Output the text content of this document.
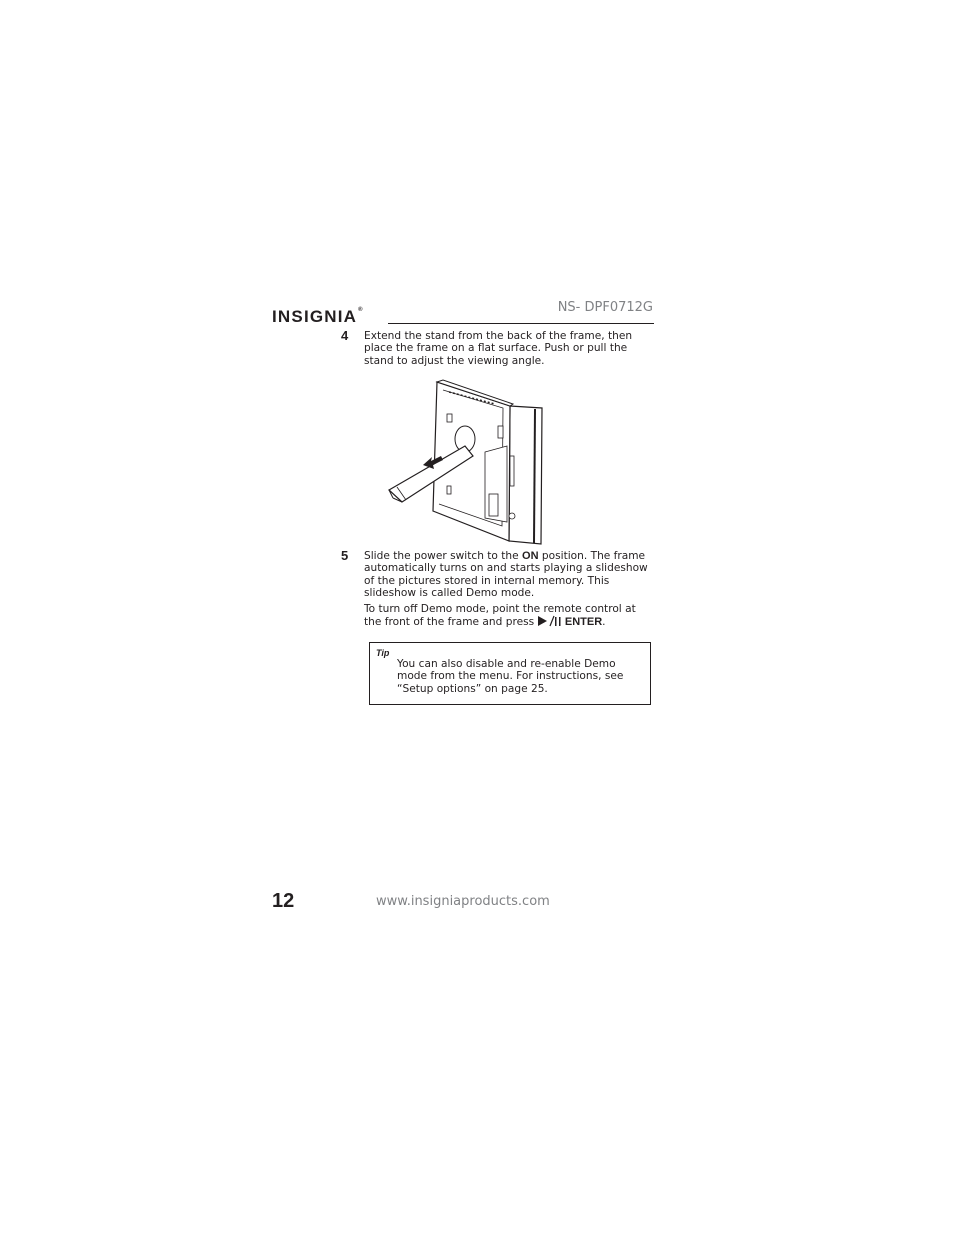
INSIGNIA®	NS- DPF0712G
4 Extend the stand from the back of the frame, then place the frame on a flat surface. Push or pull the stand to adjust the viewing angle.
5 Slide the power switch to the ON position. The frame automatically turns on and starts playing a slideshow of the pictures stored in internal memory. This slideshow is called Demo mode.
To turn off Demo mode, point the remote control at the front of the frame and press  ENTER.
Tip
You can also disable and re-enable Demo mode from the menu. For instructions, see “Setup options” on page 25.
12	www.insigniaproducts.com
